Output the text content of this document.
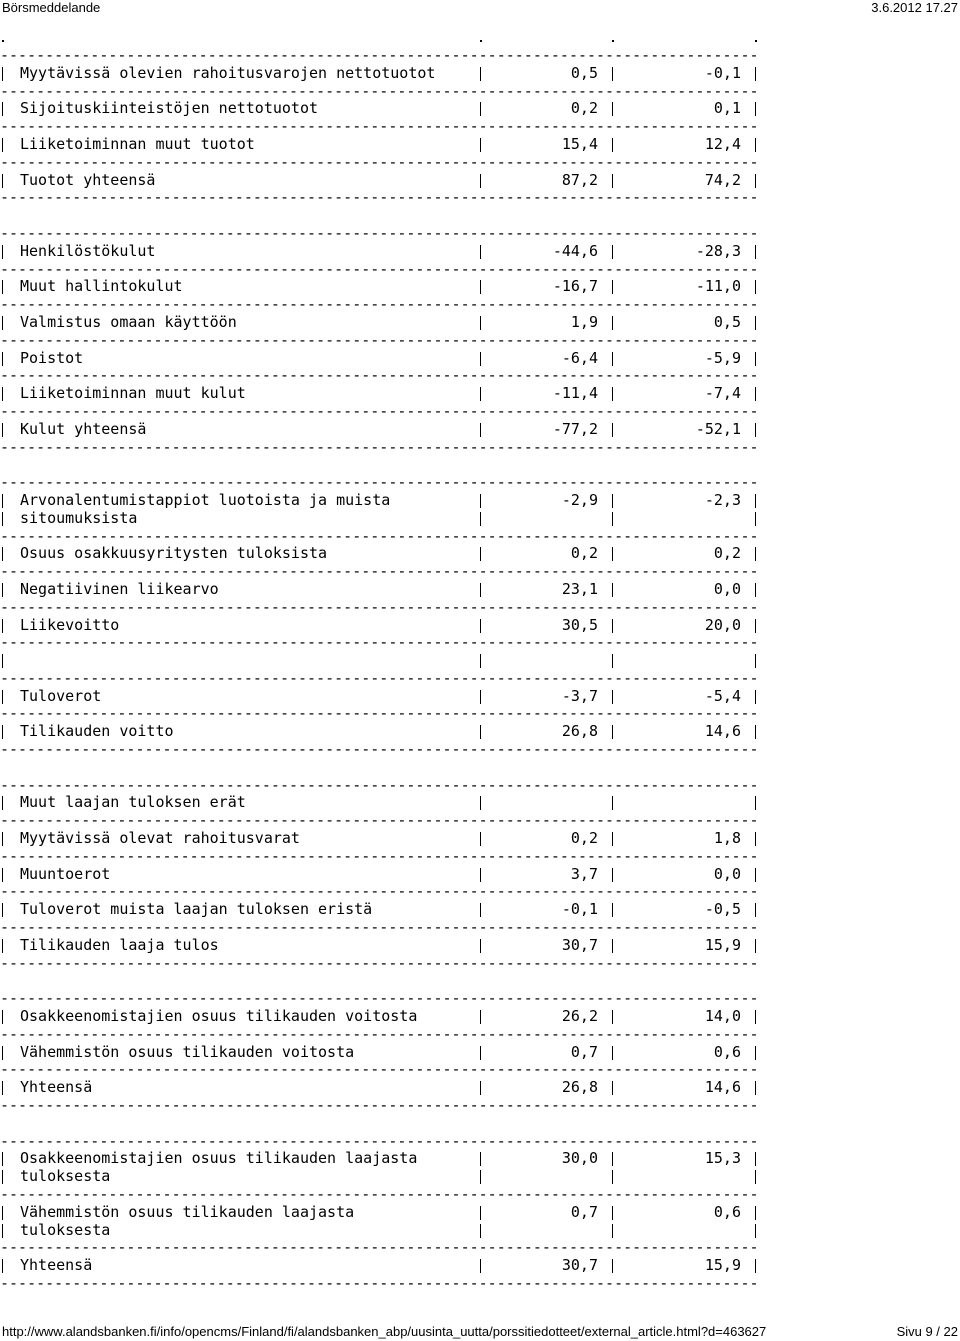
Börsmeddelande	3.6.2012 17.27
-----
Myytävissä olevien rahoitusvarojen nettotuotot	0,5	-0,1
-----
Sijoituskiinteistöjen nettotuotot	0,2	0,1
-----
Liiketoiminnan muut tuotot	15,4	12,4
-----
Tuotot yhteensä	87,2	74,2
-----
-----
Henkilöstökulut	-44,6	-28,3
-----
Muut hallintokulut	-16,7	-11,0
-----
Valmistus omaan käyttöön	1,9	0,5
-----
Poistot	-6,4	-5,9
-----
Liiketoiminnan muut kulut	-11,4	-7,4
-----
Kulut yhteensä	-77,2	-52,1
-----
-----
Arvonalentumistappiot luotoista ja muista	-2,9	-2,3
sitoumuksista
-----
Osuus osakkuusyritysten tuloksista	0,2	0,2
-----
Negatiivinen liikearvo	23,1	0,0
-----
Liikevoitto	30,5	20,0
-----
-----
Tuloverot	-3,7	-5,4
-----
Tilikauden voitto	26,8	14,6
-----
-----
Muut laajan tuloksen erät
-----
Myytävissä olevat rahoitusvarat	0,2	1,8
-----
Muuntoerot	3,7	0,0
-----
Tuloverot muista laajan tuloksen eristä	-0,1	-0,5
-----
Tilikauden laaja tulos	30,7	15,9
-----
-----
Osakkeenomistajien osuus tilikauden voitosta	26,2	14,0
-----
Vähemmistön osuus tilikauden voitosta	0,7	0,6
-----
Yhteensä	26,8	14,6
-----
-----
Osakkeenomistajien osuus tilikauden laajasta	30,0	15,3
tuloksesta
-----
Vähemmistön osuus tilikauden laajasta	0,7	0,6
tuloksesta
-----
Yhteensä	30,7	15,9
-----
http://www.alandsbanken.fi/info/opencms/Finland/fi/alandsbanken_abp/uusinta_uutta/porssitiedotteet/external_article.html?d=463627	Sivu 9 / 22
